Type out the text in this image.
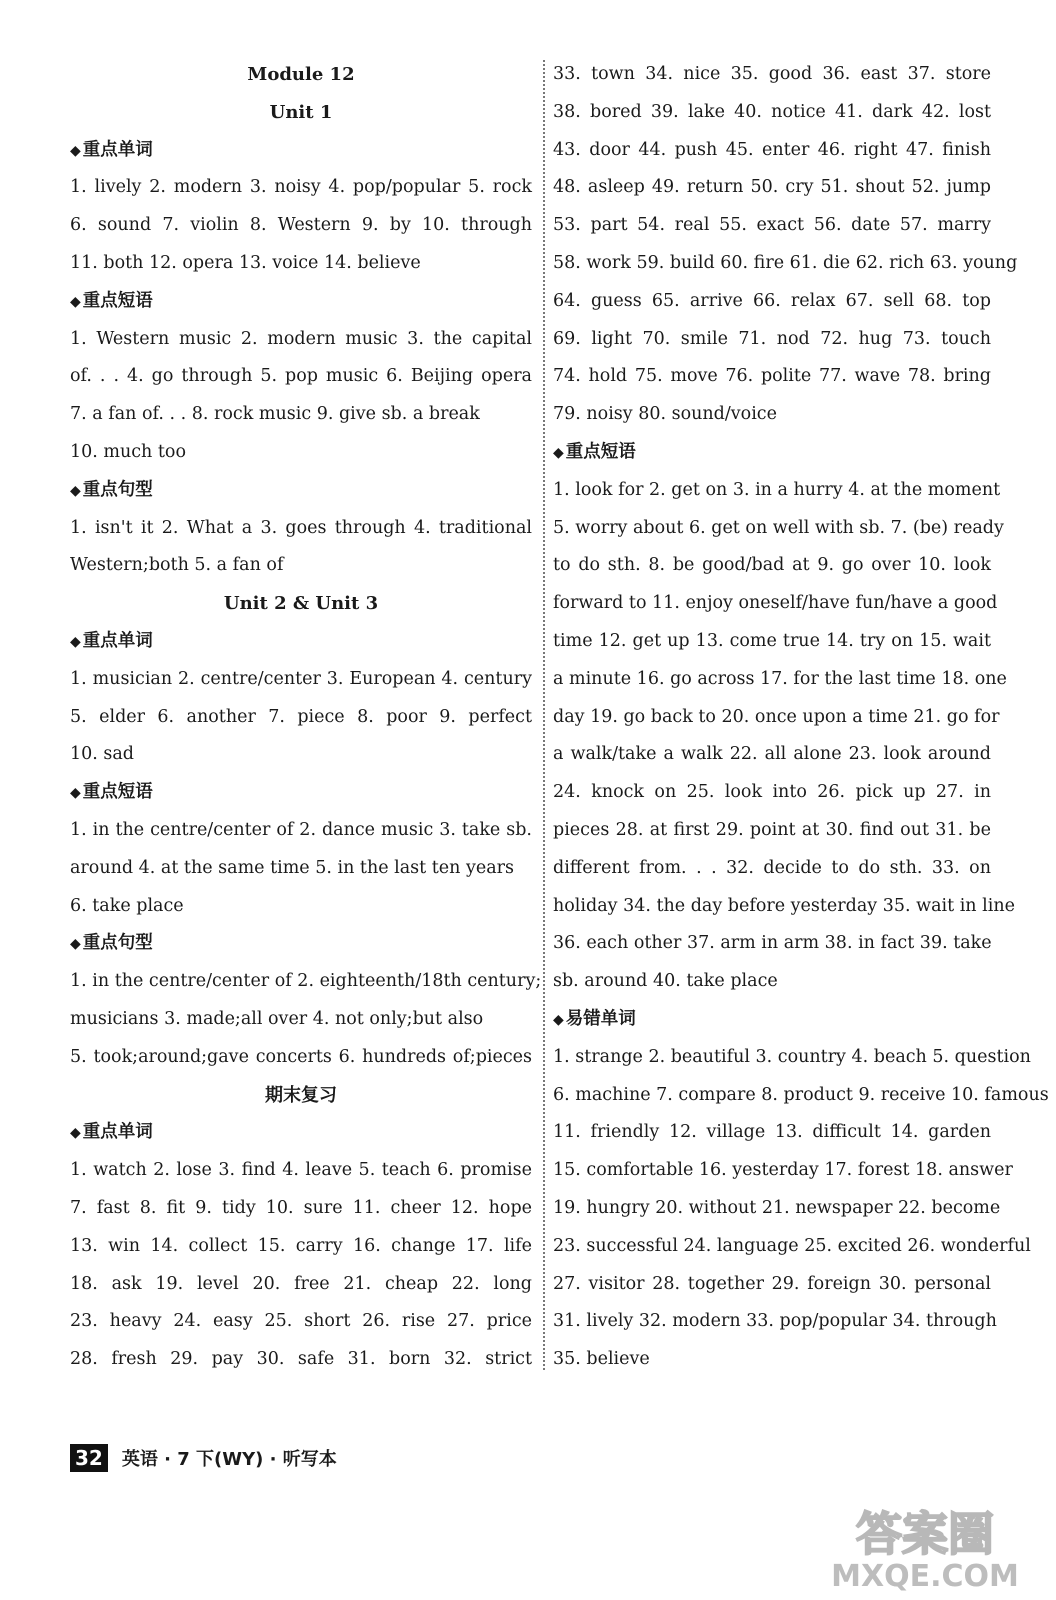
Module 12
Unit 1
◆ 重点单词
1. lively 2. modern 3. noisy 4. pop/popular 5. rock
6. sound 7. violin 8. Western 9. by 10. through
11. both 12. opera 13. voice 14. believe
◆ 重点短语
1. Western music 2. modern music 3. the capital
of. . . 4. go through 5. pop music 6. Beijing opera
7. a fan of. . . 8. rock music 9. give sb. a break
10. much too
◆ 重点句型
1. isn't it 2. What a 3. goes through 4. traditional
Western;both 5. a fan of
Unit 2 & Unit 3
◆ 重点单词
1. musician 2. centre/center 3. European 4. century
5. elder 6. another 7. piece 8. poor 9. perfect
10. sad
◆ 重点短语
1. in the centre/center of 2. dance music 3. take sb.
around 4. at the same time 5. in the last ten years
6. take place
◆ 重点句型
1. in the centre/center of 2. eighteenth/18th century;
musicians 3. made;all over 4. not only;but also
5. took;around;gave concerts 6. hundreds of;pieces
期末复习
◆ 重点单词
1. watch 2. lose 3. find 4. leave 5. teach 6. promise
7. fast 8. fit 9. tidy 10. sure 11. cheer 12. hope
13. win 14. collect 15. carry 16. change 17. life
18. ask 19. level 20. free 21. cheap 22. long
23. heavy 24. easy 25. short 26. rise 27. price
28. fresh 29. pay 30. safe 31. born 32. strict
33. town 34. nice 35. good 36. east 37. store
38. bored 39. lake 40. notice 41. dark 42. lost
43. door 44. push 45. enter 46. right 47. finish
48. asleep 49. return 50. cry 51. shout 52. jump
53. part 54. real 55. exact 56. date 57. marry
58. work 59. build 60. fire 61. die 62. rich 63. young
64. guess 65. arrive 66. relax 67. sell 68. top
69. light 70. smile 71. nod 72. hug 73. touch
74. hold 75. move 76. polite 77. wave 78. bring
79. noisy 80. sound/voice
◆ 重点短语
1. look for 2. get on 3. in a hurry 4. at the moment
5. worry about 6. get on well with sb. 7. (be) ready
to do sth. 8. be good/bad at 9. go over 10. look
forward to 11. enjoy oneself/have fun/have a good
time 12. get up 13. come true 14. try on 15. wait
a minute 16. go across 17. for the last time 18. one
day 19. go back to 20. once upon a time 21. go for
a walk/take a walk 22. all alone 23. look around
24. knock on 25. look into 26. pick up 27. in
pieces 28. at first 29. point at 30. find out 31. be
different from. . . 32. decide to do sth. 33. on
holiday 34. the day before yesterday 35. wait in line
36. each other 37. arm in arm 38. in fact 39. take
sb. around 40. take place
◆ 易错单词
1. strange 2. beautiful 3. country 4. beach 5. question
6. machine 7. compare 8. product 9. receive 10. famous
11. friendly 12. village 13. difficult 14. garden
15. comfortable 16. yesterday 17. forest 18. answer
19. hungry 20. without 21. newspaper 22. become
23. successful 24. language 25. excited 26. wonderful
27. visitor 28. together 29. foreign 30. personal
31. lively 32. modern 33. pop/popular 34. through
35. believe
32 英语 · 7 下(WY) · 听写本
答案圈
MXQE.COM
